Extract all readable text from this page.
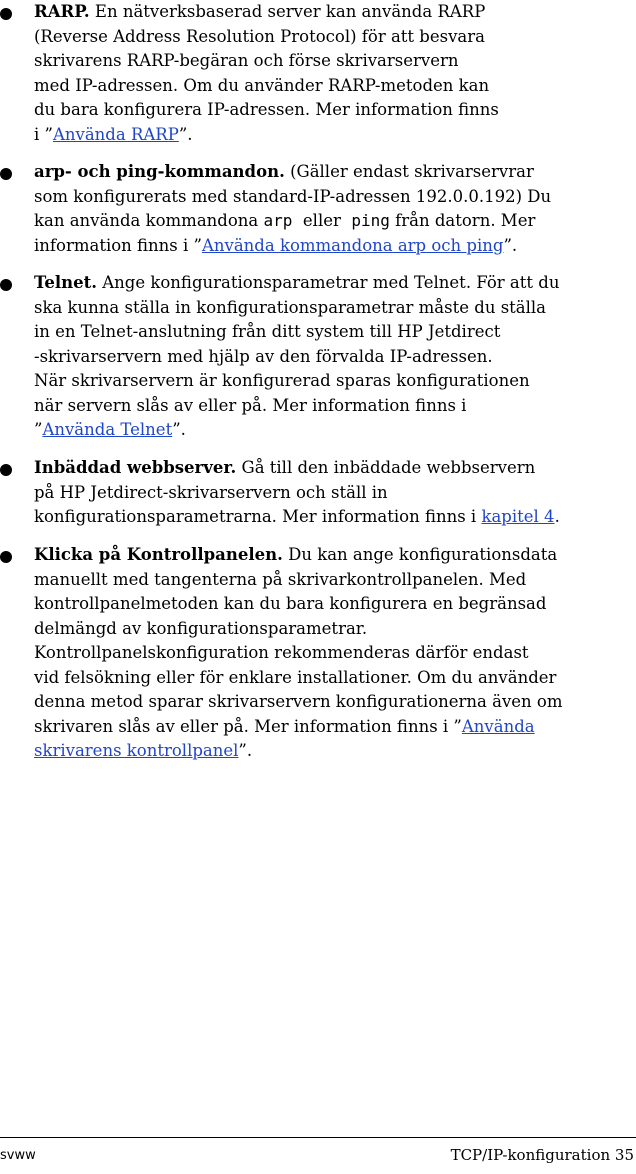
RARP. En nätverksbaserad server kan använda RARP
(Reverse Address Resolution Protocol) för att besvara
skrivarens RARP-begäran och förse skrivarservern
med IP-adressen. Om du använder RARP-metoden kan
du bara konfigurera IP-adressen. Mer information finns
i ”Använda RARP”.
arp- och ping-kommandon. (Gäller endast skrivarservrar
som konfigurerats med standard-IP-adressen 192.0.0.192) Du
kan använda kommandona arp  eller  ping från datorn. Mer
information finns i ”Använda kommandona arp och ping”.
Telnet. Ange konfigurationsparametrar med Telnet. För att du
ska kunna ställa in konfigurationsparametrar måste du ställa
in en Telnet-anslutning från ditt system till HP Jetdirect
-skrivarservern med hjälp av den förvalda IP-adressen.
När skrivarservern är konfigurerad sparas konfigurationen
när servern slås av eller på. Mer information finns i
”Använda Telnet”.
Inbäddad webbserver. Gå till den inbäddade webbservern
på HP Jetdirect-skrivarservern och ställ in
konfigurationsparametrarna. Mer information finns i kapitel 4.
Klicka på Kontrollpanelen. Du kan ange konfigurationsdata
manuellt med tangenterna på skrivarkontrollpanelen. Med
kontrollpanelmetoden kan du bara konfigurera en begränsad
delmängd av konfigurationsparametrar.
Kontrollpanelskonfiguration rekommenderas därför endast
vid felsökning eller för enklare installationer. Om du använder
denna metod sparar skrivarservern konfigurationerna även om
skrivaren slås av eller på. Mer information finns i ”Använda
skrivarens kontrollpanel”.
svww	TCP/IP-konfiguration 35
